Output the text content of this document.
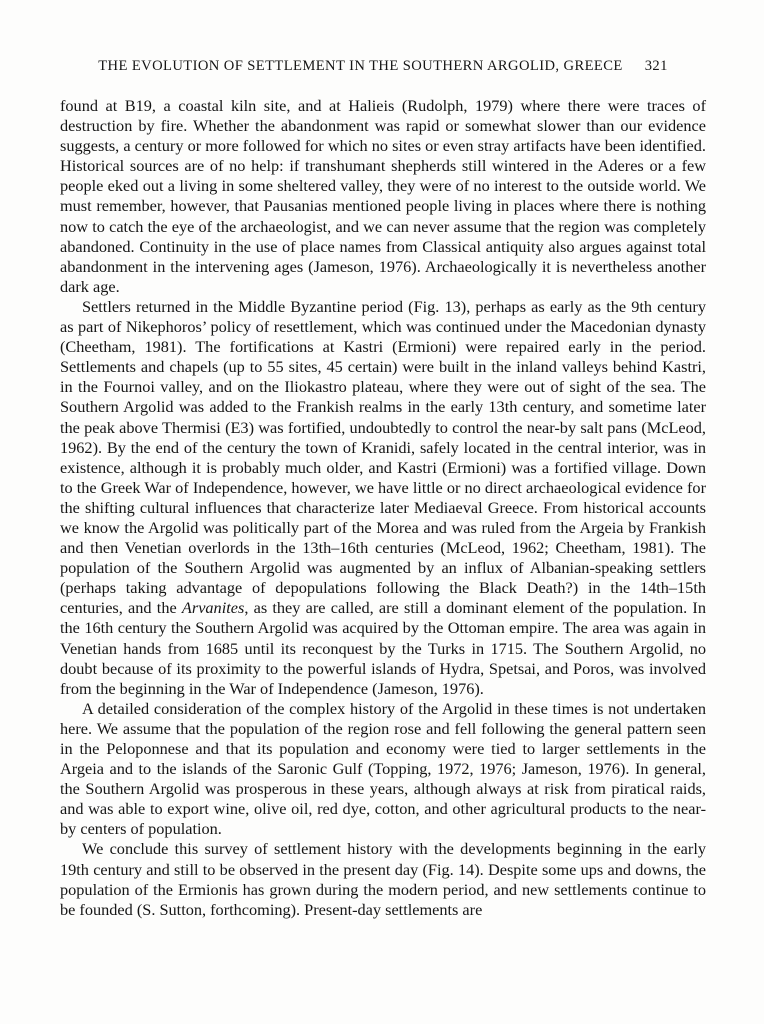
THE EVOLUTION OF SETTLEMENT IN THE SOUTHERN ARGOLID, GREECE 321

found at B19, a coastal kiln site, and at Halieis (Rudolph, 1979) where there were traces of destruction by fire. Whether the abandonment was rapid or somewhat slower than our evidence suggests, a century or more followed for which no sites or even stray artifacts have been identified. Historical sources are of no help: if transhumant shepherds still wintered in the Aderes or a few people eked out a living in some sheltered valley, they were of no interest to the outside world. We must remember, however, that Pausanias mentioned people living in places where there is nothing now to catch the eye of the archaeologist, and we can never assume that the region was completely abandoned. Continuity in the use of place names from Classical antiquity also argues against total abandonment in the intervening ages (Jameson, 1976). Archaeologically it is nevertheless another dark age.

Settlers returned in the Middle Byzantine period (Fig. 13), perhaps as early as the 9th century as part of Nikephoros’ policy of resettlement, which was continued under the Macedonian dynasty (Cheetham, 1981). The fortifications at Kastri (Ermioni) were repaired early in the period. Settlements and chapels (up to 55 sites, 45 certain) were built in the inland valleys behind Kastri, in the Fournoi valley, and on the Iliokastro plateau, where they were out of sight of the sea. The Southern Argolid was added to the Frankish realms in the early 13th century, and sometime later the peak above Thermisi (E3) was fortified, undoubtedly to control the near-by salt pans (McLeod, 1962). By the end of the century the town of Kranidi, safely located in the central interior, was in existence, although it is probably much older, and Kastri (Ermioni) was a fortified village. Down to the Greek War of Independence, however, we have little or no direct archaeological evidence for the shifting cultural influences that characterize later Mediaeval Greece. From historical accounts we know the Argolid was politically part of the Morea and was ruled from the Argeia by Frankish and then Venetian overlords in the 13th–16th centuries (McLeod, 1962; Cheetham, 1981). The population of the Southern Argolid was augmented by an influx of Albanian-speaking settlers (perhaps taking advantage of depopulations following the Black Death?) in the 14th–15th centuries, and the Arvanites, as they are called, are still a dominant element of the population. In the 16th century the Southern Argolid was acquired by the Ottoman empire. The area was again in Venetian hands from 1685 until its reconquest by the Turks in 1715. The Southern Argolid, no doubt because of its proximity to the powerful islands of Hydra, Spetsai, and Poros, was involved from the beginning in the War of Independence (Jameson, 1976).

A detailed consideration of the complex history of the Argolid in these times is not undertaken here. We assume that the population of the region rose and fell following the general pattern seen in the Peloponnese and that its population and economy were tied to larger settlements in the Argeia and to the islands of the Saronic Gulf (Topping, 1972, 1976; Jameson, 1976). In general, the Southern Argolid was prosperous in these years, although always at risk from piratical raids, and was able to export wine, olive oil, red dye, cotton, and other agricultural products to the near-by centers of population.

We conclude this survey of settlement history with the developments beginning in the early 19th century and still to be observed in the present day (Fig. 14). Despite some ups and downs, the population of the Ermionis has grown during the modern period, and new settlements continue to be founded (S. Sutton, forthcoming). Present-day settlements are
